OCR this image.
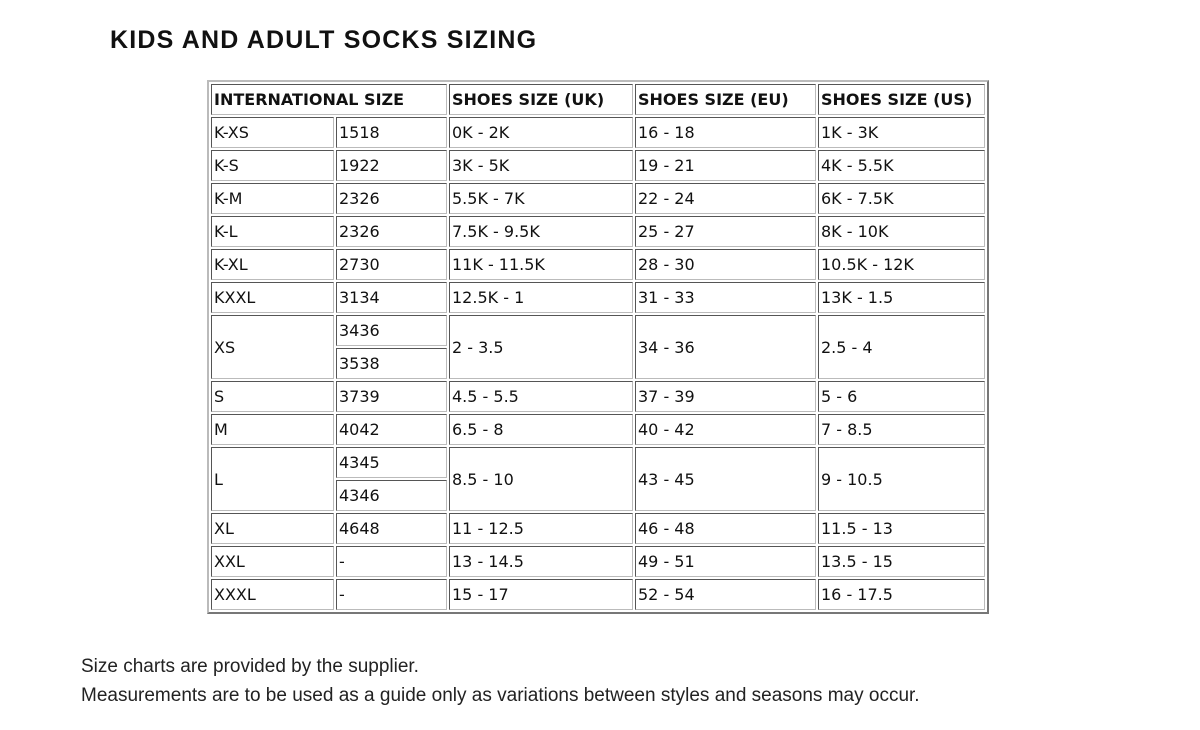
KIDS AND ADULT SOCKS SIZING
INTERNATIONAL SIZE		SHOES SIZE (UK)	SHOES SIZE (EU)	SHOES SIZE (US)
K-XS	1518	0K - 2K	16 - 18	1K - 3K
K-S	1922	3K - 5K	19 - 21	4K - 5.5K
K-M	2326	5.5K - 7K	22 - 24	6K - 7.5K
K-L	2326	7.5K - 9.5K	25 - 27	8K - 10K
K-XL	2730	11K - 11.5K	28 - 30	10.5K - 12K
KXXL	3134	12.5K - 1	31 - 33	13K - 1.5
XS	3436	2 - 3.5	34 - 36	2.5 - 4
	3538			
S	3739	4.5 - 5.5	37 - 39	5 - 6
M	4042	6.5 - 8	40 - 42	7 - 8.5
L	4345	8.5 - 10	43 - 45	9 - 10.5
	4346			
XL	4648	11 - 12.5	46 - 48	11.5 - 13
XXL	-	13 - 14.5	49 - 51	13.5 - 15
XXXL	-	15 - 17	52 - 54	16 - 17.5
Size charts are provided by the supplier.
Measurements are to be used as a guide only as variations between styles and seasons may occur.
